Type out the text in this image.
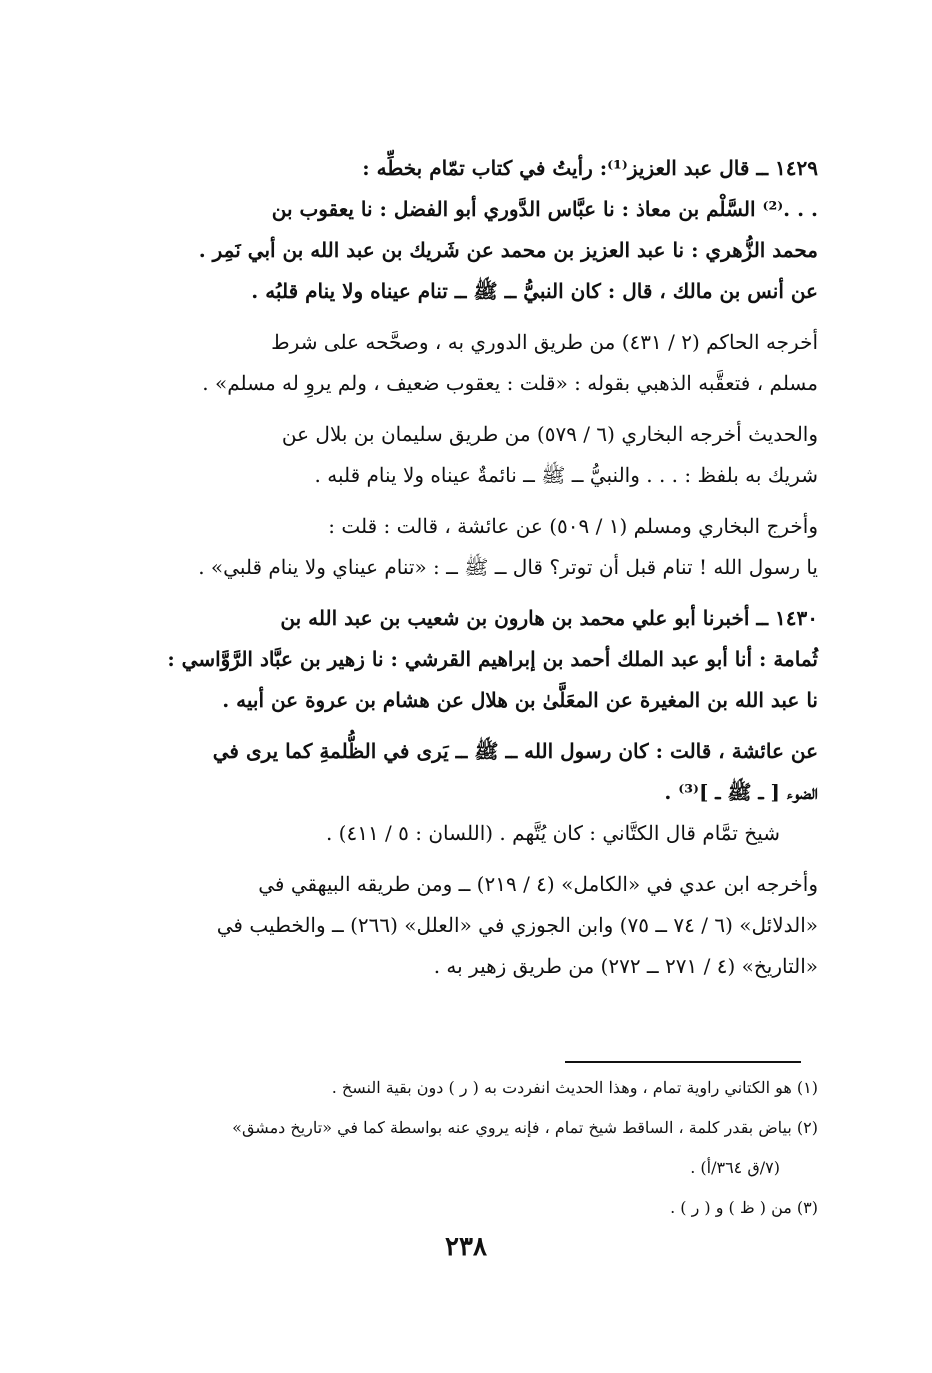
١٤٢٩ ــ قال عبد العزيز⁽¹⁾: رأيتُ في كتاب تمّام بخطِّه :
. . .⁽²⁾ السَّلْم بن معاذ : نا عبَّاس الدَّوري أبو الفضل : نا يعقوب بن
محمد الزُّهري : نا عبد العزيز بن محمد عن شَريك بن عبد الله بن أبي نَمِر .
عن أنس بن مالك ، قال : كان النبيُّ ــ ﷺ ــ تنام عيناه ولا ينام قلبُه .
أخرجه الحاكم (٢ / ٤٣١) من طريق الدوري به ، وصحَّحه على شرط
مسلم ، فتعقَّبه الذهبي بقوله : «قلت : يعقوب ضعيف ، ولم يروِ له مسلم» .
والحديث أخرجه البخاري (٦ / ٥٧٩) من طريق سليمان بن بلال عن
شريك به بلفظ : . . . والنبيُّ ــ ﷺ ــ نائمةٌ عيناه ولا ينام قلبه .
وأخرج البخاري ومسلم (١ / ٥٠٩) عن عائشة ، قالت : قلت :
يا رسول الله ! تنام قبل أن توتر؟ قال ــ ﷺ ــ : «تنام عيناي ولا ينام قلبي» .
١٤٣٠ ــ أخبرنا أبو علي محمد بن هارون بن شعيب بن عبد الله بن
ثُمامة : أنا أبو عبد الملك أحمد بن إبراهيم القرشي : نا زهير بن عبَّاد الرَّوَّاسي :
نا عبد الله بن المغيرة عن المعَلَّىٰ بن هلال عن هشام بن عروة عن أبيه .
عن عائشة ، قالت : كان رسول الله ــ ﷺ ــ يَرى في الظُّلمةِ كما يرى في
الضوء [ ــ ﷺ ــ ]⁽³⁾ .
شيخ تمَّام قال الكتَّاني : كان يُتَّهم . (اللسان : ٥ / ٤١١) .
وأخرجه ابن عدي في «الكامل» (٤ / ٢١٩) ــ ومن طريقه البيهقي في
«الدلائل» (٦ / ٧٤ ــ ٧٥) وابن الجوزي في «العلل» (٢٦٦) ــ والخطيب في
«التاريخ» (٤ / ٢٧١ ــ ٢٧٢) من طريق زهير به .
(١) هو الكتاني راوية تمام ، وهذا الحديث انفردت به ( ر ) دون بقية النسخ .
(٢) بياض بقدر كلمة ، الساقط شيخ تمام ، فإنه يروي عنه بواسطة كما في «تاريخ دمشق»
(٧/ق ٣٦٤/أ) .
(٣) من ( ظ ) و ( ر ) .
٢٣٨
